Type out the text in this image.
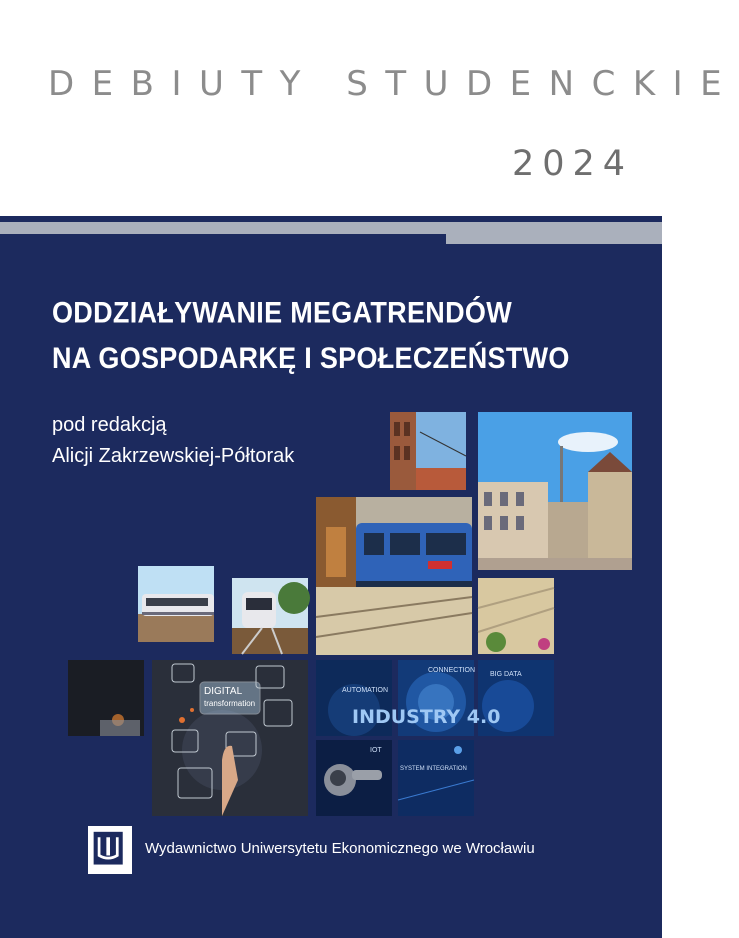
DEBIUTY STUDENCKIE
2024
ODDZIAŁYWANIE MEGATRENDÓW
NA GOSPODARKĘ I SPOŁECZEŃSTWO
pod redakcją
Alicji Zakrzewskiej-Półtorak
DIGITAL
transformation
AUTOMATION
CONNECTION
BIG DATA
INDUSTRY 4.0
IOT
SYSTEM INTEGRATION
Wydawnictwo Uniwersytetu Ekonomicznego we Wrocławiu
